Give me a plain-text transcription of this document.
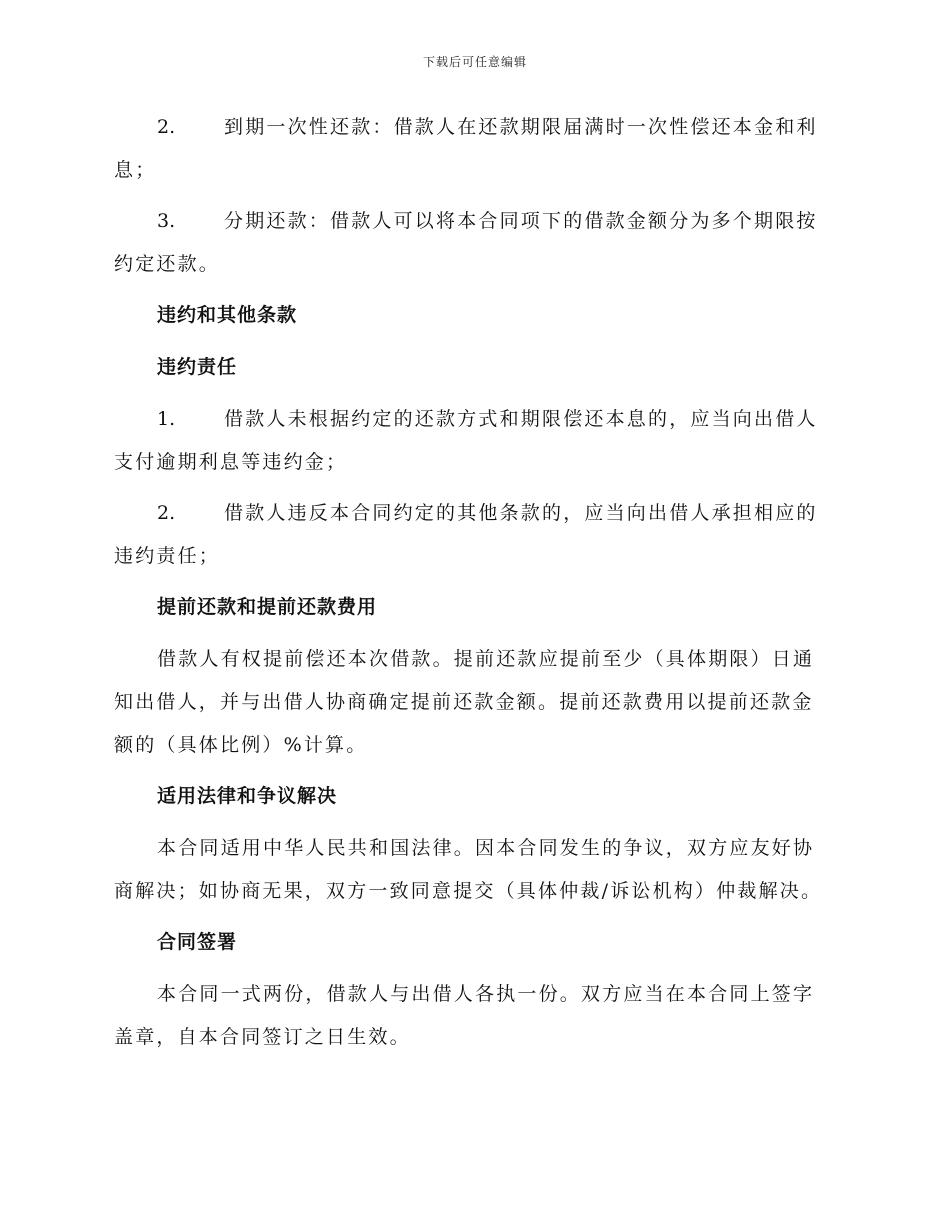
下载后可任意编辑

2.	到期一次性还款：借款人在还款期限届满时一次性偿还本金和利息；

3.	分期还款：借款人可以将本合同项下的借款金额分为多个期限按约定还款。

违约和其他条款
违约责任

1.	借款人未根据约定的还款方式和期限偿还本息的，应当向出借人支付逾期利息等违约金；

2.	借款人违反本合同约定的其他条款的，应当向出借人承担相应的违约责任；

提前还款和提前还款费用

借款人有权提前偿还本次借款。提前还款应提前至少（具体期限）日通知出借人，并与出借人协商确定提前还款金额。提前还款费用以提前还款金额的（具体比例）%计算。

适用法律和争议解决

本合同适用中华人民共和国法律。因本合同发生的争议，双方应友好协商解决；如协商无果，双方一致同意提交（具体仲裁/诉讼机构）仲裁解决。

合同签署

本合同一式两份，借款人与出借人各执一份。双方应当在本合同上签字盖章，自本合同签订之日生效。
